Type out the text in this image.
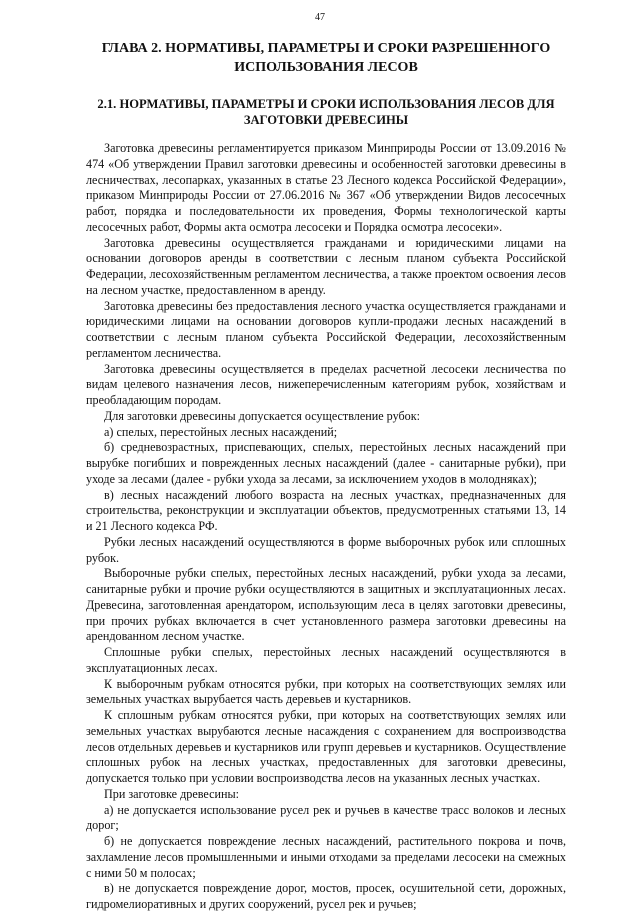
47
ГЛАВА 2. НОРМАТИВЫ, ПАРАМЕТРЫ И СРОКИ РАЗРЕШЕННОГО ИСПОЛЬЗОВАНИЯ ЛЕСОВ
2.1. НОРМАТИВЫ, ПАРАМЕТРЫ И СРОКИ ИСПОЛЬЗОВАНИЯ ЛЕСОВ ДЛЯ ЗАГОТОВКИ ДРЕВЕСИНЫ

Заготовка древесины регламентируется приказом Минприроды России от 13.09.2016 № 474 «Об утверждении Правил заготовки древесины и особенностей заготовки древесины в лесничествах, лесопарках, указанных в статье 23 Лесного кодекса Российской Федерации», приказом Минприроды России от 27.06.2016 № 367 «Об утверждении Видов лесосечных работ, порядка и последовательности их проведения, Формы технологической карты лесосечных работ, Формы акта осмотра лесосеки и Порядка осмотра лесосеки».

Заготовка древесины осуществляется гражданами и юридическими лицами на основании договоров аренды в соответствии с лесным планом субъекта Российской Федерации, лесохозяйственным регламентом лесничества, а также проектом освоения лесов на лесном участке, предоставленном в аренду.

Заготовка древесины без предоставления лесного участка осуществляется гражданами и юридическими лицами на основании договоров купли-продажи лесных насаждений в соответствии с лесным планом субъекта Российской Федерации, лесохозяйственным регламентом лесничества.

Заготовка древесины осуществляется в пределах расчетной лесосеки лесничества по видам целевого назначения лесов, нижеперечисленным категориям рубок, хозяйствам и преобладающим породам.

Для заготовки древесины допускается осуществление рубок:

а) спелых, перестойных лесных насаждений;

б) средневозрастных, приспевающих, спелых, перестойных лесных насаждений при вырубке погибших и поврежденных лесных насаждений (далее - санитарные рубки), при уходе за лесами (далее - рубки ухода за лесами, за исключением уходов в молодняках);

в) лесных насаждений любого возраста на лесных участках, предназначенных для строительства, реконструкции и эксплуатации объектов, предусмотренных статьями 13, 14 и 21 Лесного кодекса РФ.

Рубки лесных насаждений осуществляются в форме выборочных рубок или сплошных рубок.

Выборочные рубки спелых, перестойных лесных насаждений, рубки ухода за лесами, санитарные рубки и прочие рубки осуществляются в защитных и эксплуатационных лесах. Древесина, заготовленная арендатором, использующим леса в целях заготовки древесины, при прочих рубках включается в счет установленного размера заготовки древесины на арендованном лесном участке.

Сплошные рубки спелых, перестойных лесных насаждений осуществляются в эксплуатационных лесах.

К выборочным рубкам относятся рубки, при которых на соответствующих землях или земельных участках вырубается часть деревьев и кустарников.

К сплошным рубкам относятся рубки, при которых на соответствующих землях или земельных участках вырубаются лесные насаждения с сохранением для воспроизводства лесов отдельных деревьев и кустарников или групп деревьев и кустарников. Осуществление сплошных рубок на лесных участках, предоставленных для заготовки древесины, допускается только при условии воспроизводства лесов на указанных лесных участках.

При заготовке древесины:

а) не допускается использование русел рек и ручьев в качестве трасс волоков и лесных дорог;

б) не допускается повреждение лесных насаждений, растительного покрова и почв, захламление лесов промышленными и иными отходами за пределами лесосеки на смежных с ними 50 м полосах;

в) не допускается повреждение дорог, мостов, просек, осушительной сети, дорожных, гидромелиоративных и других сооружений, русел рек и ручьев;
